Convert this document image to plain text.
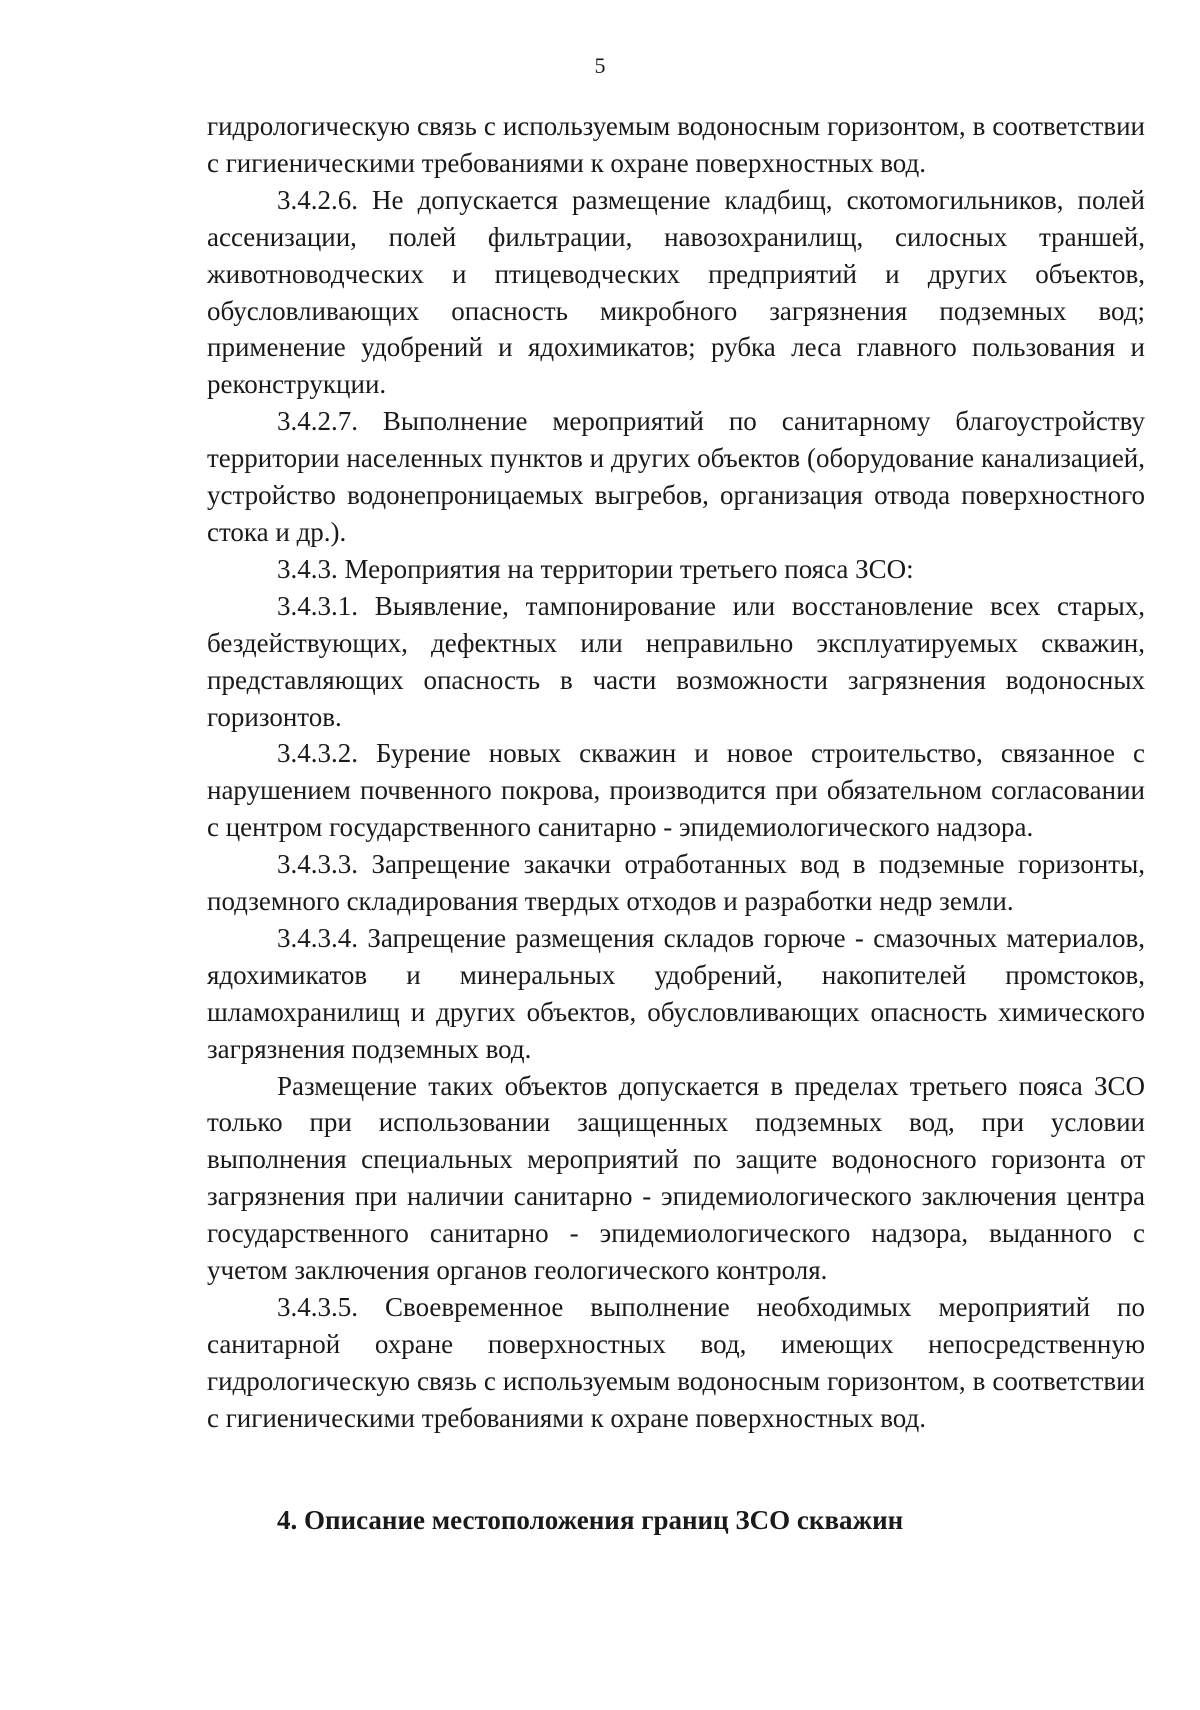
5

гидрологическую связь с используемым водоносным горизонтом, в соответствии с гигиеническими требованиями к охране поверхностных вод.

3.4.2.6. Не допускается размещение кладбищ, скотомогильников, полей ассенизации, полей фильтрации, навозохранилищ, силосных траншей, животноводческих и птицеводческих предприятий и других объектов, обусловливающих опасность микробного загрязнения подземных вод; применение удобрений и ядохимикатов; рубка леса главного пользования и реконструкции.

3.4.2.7. Выполнение мероприятий по санитарному благоустройству территории населенных пунктов и других объектов (оборудование канализацией, устройство водонепроницаемых выгребов, организация отвода поверхностного стока и др.).

3.4.3. Мероприятия на территории третьего пояса ЗСО:

3.4.3.1. Выявление, тампонирование или восстановление всех старых, бездействующих, дефектных или неправильно эксплуатируемых скважин, представляющих опасность в части возможности загрязнения водоносных горизонтов.

3.4.3.2. Бурение новых скважин и новое строительство, связанное с нарушением почвенного покрова, производится при обязательном согласовании с центром государственного санитарно - эпидемиологического надзора.

3.4.3.3. Запрещение закачки отработанных вод в подземные горизонты, подземного складирования твердых отходов и разработки недр земли.

3.4.3.4. Запрещение размещения складов горюче - смазочных материалов, ядохимикатов и минеральных удобрений, накопителей промстоков, шламохранилищ и других объектов, обусловливающих опасность химического загрязнения подземных вод.

Размещение таких объектов допускается в пределах третьего пояса ЗСО только при использовании защищенных подземных вод, при условии выполнения специальных мероприятий по защите водоносного горизонта от загрязнения при наличии санитарно - эпидемиологического заключения центра государственного санитарно - эпидемиологического надзора, выданного с учетом заключения органов геологического контроля.

3.4.3.5. Своевременное выполнение необходимых мероприятий по санитарной охране поверхностных вод, имеющих непосредственную гидрологическую связь с используемым водоносным горизонтом, в соответствии с гигиеническими требованиями к охране поверхностных вод.

4. Описание местоположения границ ЗСО скважин
